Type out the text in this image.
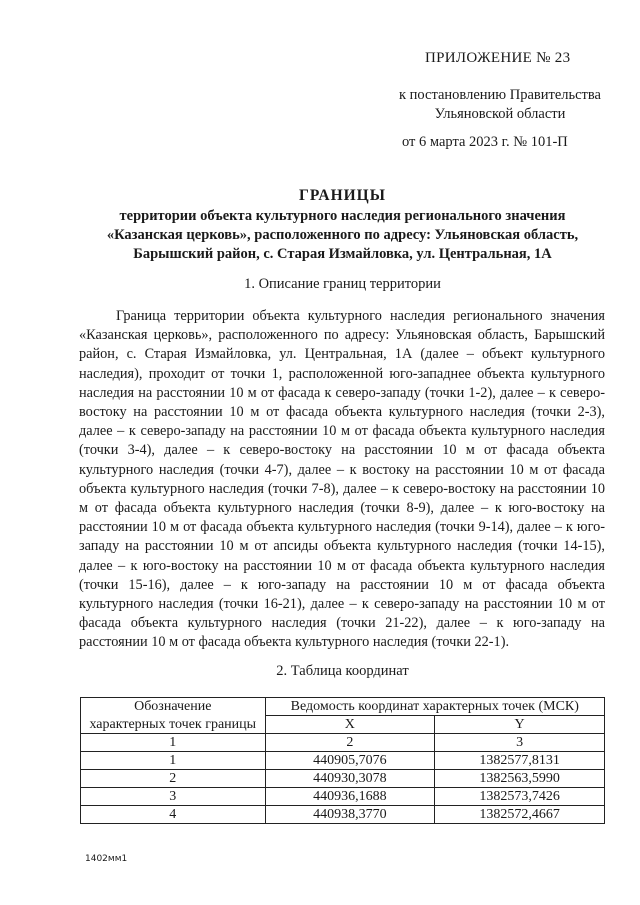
ПРИЛОЖЕНИЕ № 23
к постановлению Правительства
Ульяновской области
от 6 марта 2023 г. № 101-П
ГРАНИЦЫ
территории объекта культурного наследия регионального значения
«Казанская церковь», расположенного по адресу: Ульяновская область,
Барышский район, с. Старая Измайловка, ул. Центральная, 1А
1. Описание границ территории
Граница территории объекта культурного наследия регионального значения «Казанская церковь», расположенного по адресу: Ульяновская область, Барышский район, с. Старая Измайловка, ул. Центральная, 1А (далее – объект культурного наследия), проходит от точки 1, расположенной юго-западнее объекта культурного наследия на расстоянии 10 м от фасада к северо-западу (точки 1-2), далее – к северо-востоку на расстоянии 10 м от фасада объекта культурного наследия (точки 2-3), далее – к северо-западу на расстоянии 10 м от фасада объекта культурного наследия (точки 3-4), далее – к северо-востоку на расстоянии 10 м от фасада объекта культурного наследия (точки 4-7), далее – к востоку на расстоянии 10 м от фасада объекта культурного наследия (точки 7-8), далее – к северо-востоку на расстоянии 10 м от фасада объекта культурного наследия (точки 8-9), далее – к юго-востоку на расстоянии 10 м от фасада объекта культурного наследия (точки 9-14), далее – к юго-западу на расстоянии 10 м от апсиды объекта культурного наследия (точки 14-15), далее – к юго-востоку на расстоянии 10 м от фасада объекта культурного наследия (точки 15-16), далее – к юго-западу на расстоянии 10 м от фасада объекта культурного наследия (точки 16-21), далее – к северо-западу на расстоянии 10 м от фасада объекта культурного наследия (точки 21-22), далее – к юго-западу на расстоянии 10 м от фасада объекта культурного наследия (точки 22-1).
2. Таблица координат
Обозначение	Ведомость координат характерных точек (МСК)	
характерных точек границы	X	Y
1	2	3
1	440905,7076	1382577,8131
2	440930,3078	1382563,5990
3	440936,1688	1382573,7426
4	440938,3770	1382572,4667
1402мм1
